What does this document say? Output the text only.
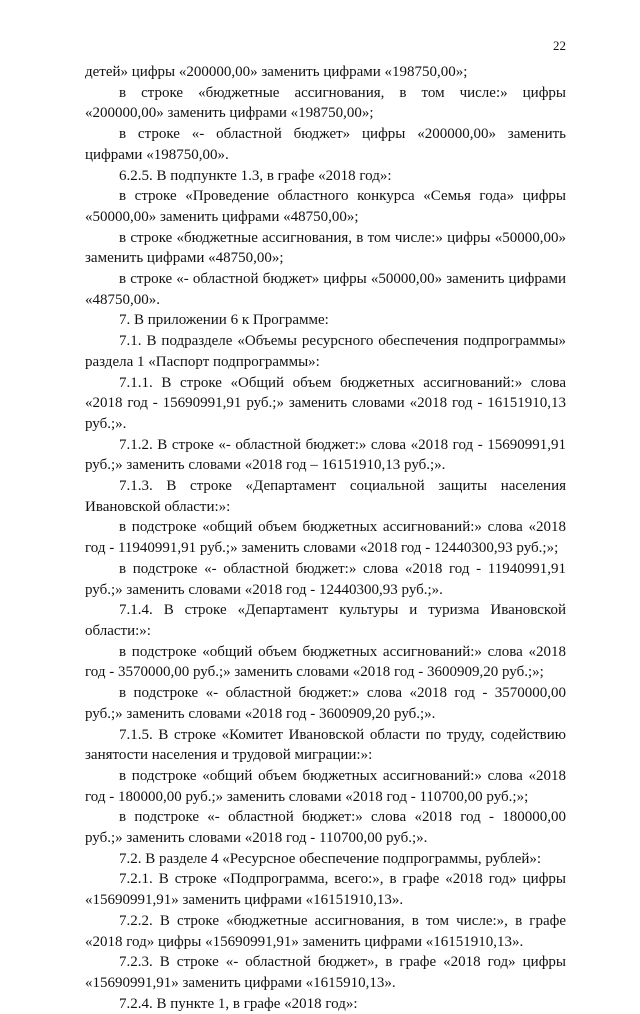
22

детей» цифры «200000,00» заменить цифрами «198750,00»;

в строке «бюджетные ассигнования, в том числе:» цифры «200000,00» заменить цифрами «198750,00»;

в строке «- областной бюджет» цифры «200000,00» заменить цифрами «198750,00».

6.2.5. В подпункте 1.3, в графе «2018 год»:

в строке «Проведение областного конкурса «Семья года» цифры «50000,00» заменить цифрами «48750,00»;

в строке «бюджетные ассигнования, в том числе:» цифры «50000,00» заменить цифрами «48750,00»;

в строке «- областной бюджет» цифры «50000,00» заменить цифрами «48750,00».

7. В приложении 6 к Программе:

7.1. В подразделе «Объемы ресурсного обеспечения подпрограммы» раздела 1 «Паспорт подпрограммы»:

7.1.1. В строке «Общий объем бюджетных ассигнований:» слова «2018 год - 15690991,91 руб.;» заменить словами «2018 год - 16151910,13 руб.;».

7.1.2. В строке «- областной бюджет:» слова «2018 год - 15690991,91 руб.;» заменить словами «2018 год – 16151910,13 руб.;».

7.1.3. В строке «Департамент социальной защиты населения Ивановской области:»:

в подстроке «общий объем бюджетных ассигнований:» слова «2018 год - 11940991,91 руб.;» заменить словами «2018 год - 12440300,93 руб.;»;

в подстроке «- областной бюджет:» слова «2018 год - 11940991,91 руб.;» заменить словами «2018 год - 12440300,93 руб.;».

7.1.4. В строке «Департамент культуры и туризма Ивановской области:»:

в подстроке «общий объем бюджетных ассигнований:» слова «2018 год - 3570000,00 руб.;» заменить словами «2018 год - 3600909,20 руб.;»;

в подстроке «- областной бюджет:» слова «2018 год - 3570000,00 руб.;» заменить словами «2018 год - 3600909,20 руб.;».

7.1.5. В строке «Комитет Ивановской области по труду, содействию занятости населения и трудовой миграции:»:

в подстроке «общий объем бюджетных ассигнований:» слова «2018 год - 180000,00 руб.;» заменить словами «2018 год - 110700,00 руб.;»;

в подстроке «- областной бюджет:» слова «2018 год - 180000,00 руб.;» заменить словами «2018 год - 110700,00 руб.;».

7.2. В разделе 4 «Ресурсное обеспечение подпрограммы, рублей»:

7.2.1. В строке «Подпрограмма, всего:», в графе «2018 год» цифры «15690991,91» заменить цифрами «16151910,13».

7.2.2. В строке «бюджетные ассигнования, в том числе:», в графе «2018 год» цифры «15690991,91» заменить цифрами «16151910,13».

7.2.3. В строке «- областной бюджет», в графе «2018 год» цифры «15690991,91» заменить цифрами «1615910,13».

7.2.4. В пункте 1, в графе «2018 год»:
